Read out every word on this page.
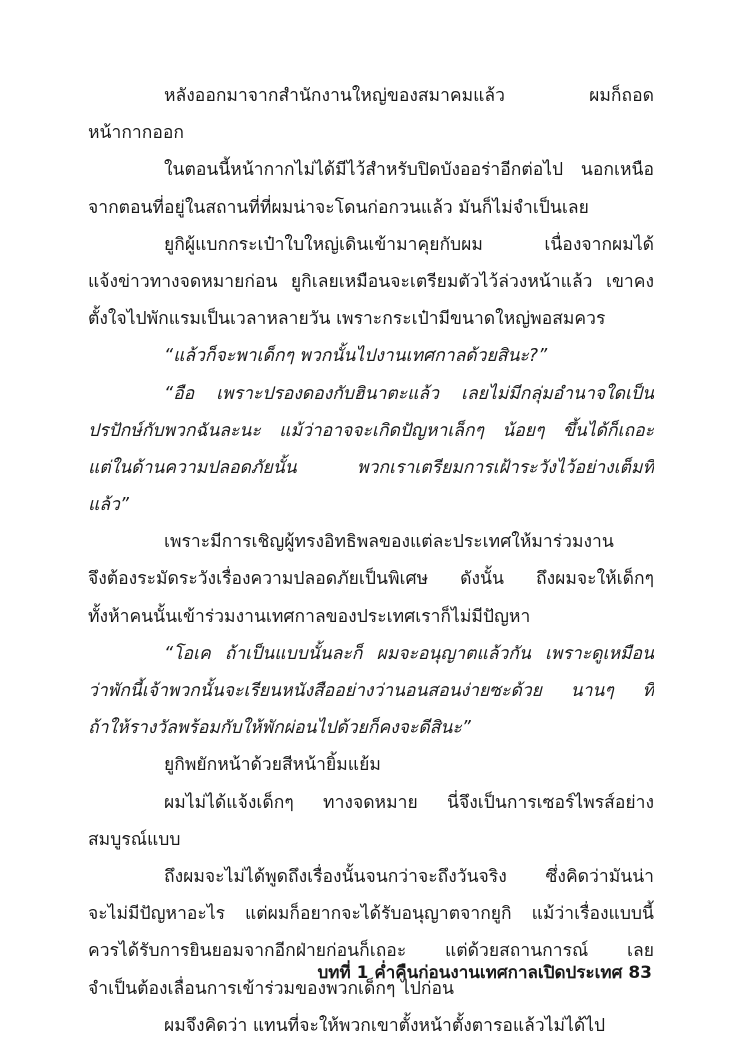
หลังออกมาจากสำนักงานใหญ่ของสมาคมแล้ว ผมก็ถอด
หน้ากากออก
ในตอนนี้หน้ากากไม่ได้มีไว้สำหรับปิดบังออร่าอีกต่อไป นอกเหนือ
จากตอนที่อยู่ในสถานที่ที่ผมน่าจะโดนก่อกวนแล้ว มันก็ไม่จำเป็นเลย
ยูกิผู้แบกกระเป๋าใบใหญ่เดินเข้ามาคุยกับผม เนื่องจากผมได้
แจ้งข่าวทางจดหมายก่อน ยูกิเลยเหมือนจะเตรียมตัวไว้ล่วงหน้าแล้ว เขาคง
ตั้งใจไปพักแรมเป็นเวลาหลายวัน เพราะกระเป๋ามีขนาดใหญ่พอสมควร
“แล้วก็จะพาเด็กๆ พวกนั้นไปงานเทศกาลด้วยสินะ?”
“อือ เพราะปรองดองกับฮินาตะแล้ว เลยไม่มีกลุ่มอำนาจใดเป็น
ปรปักษ์กับพวกฉันละนะ แม้ว่าอาจจะเกิดปัญหาเล็กๆ น้อยๆ ขึ้นได้ก็เถอะ
แต่ในด้านความปลอดภัยนั้น พวกเราเตรียมการเฝ้าระวังไว้อย่างเต็มที่
แล้ว”
เพราะมีการเชิญผู้ทรงอิทธิพลของแต่ละประเทศให้มาร่วมงาน
จึงต้องระมัดระวังเรื่องความปลอดภัยเป็นพิเศษ ดังนั้น ถึงผมจะให้เด็กๆ
ทั้งห้าคนนั้นเข้าร่วมงานเทศกาลของประเทศเราก็ไม่มีปัญหา
“โอเค ถ้าเป็นแบบนั้นละก็ ผมจะอนุญาตแล้วกัน เพราะดูเหมือน
ว่าพักนี้เจ้าพวกนั้นจะเรียนหนังสืออย่างว่านอนสอนง่ายซะด้วย นานๆ ที
ถ้าให้รางวัลพร้อมกับให้พักผ่อนไปด้วยก็คงจะดีสินะ”
ยูกิพยักหน้าด้วยสีหน้ายิ้มแย้ม
ผมไม่ได้แจ้งเด็กๆ ทางจดหมาย นี่จึงเป็นการเซอร์ไพรส์อย่าง
สมบูรณ์แบบ
ถึงผมจะไม่ได้พูดถึงเรื่องนั้นจนกว่าจะถึงวันจริง ซึ่งคิดว่ามันน่า
จะไม่มีปัญหาอะไร แต่ผมก็อยากจะได้รับอนุญาตจากยูกิ แม้ว่าเรื่องแบบนี้
ควรได้รับการยินยอมจากอีกฝ่ายก่อนก็เถอะ แต่ด้วยสถานการณ์ เลย
จำเป็นต้องเลื่อนการเข้าร่วมของพวกเด็กๆ ไปก่อน
ผมจึงคิดว่า แทนที่จะให้พวกเขาตั้งหน้าตั้งตารอแล้วไม่ได้ไป
บทที่ 1 ค่ำคืนก่อนงานเทศกาลเปิดประเทศ 83
